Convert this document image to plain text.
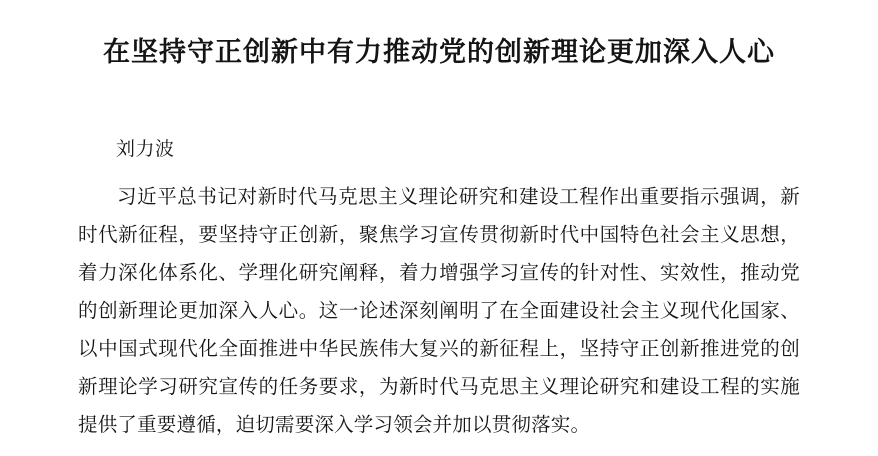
在坚持守正创新中有力推动党的创新理论更加深入人心

刘力波

习近平总书记对新时代马克思主义理论研究和建设工程作出重要指示强调，新时代新征程，要坚持守正创新，聚焦学习宣传贯彻新时代中国特色社会主义思想，着力深化体系化、学理化研究阐释，着力增强学习宣传的针对性、实效性，推动党的创新理论更加深入人心。这一论述深刻阐明了在全面建设社会主义现代化国家、以中国式现代化全面推进中华民族伟大复兴的新征程上，坚持守正创新推进党的创新理论学习研究宣传的任务要求，为新时代马克思主义理论研究和建设工程的实施提供了重要遵循，迫切需要深入学习领会并加以贯彻落实。
